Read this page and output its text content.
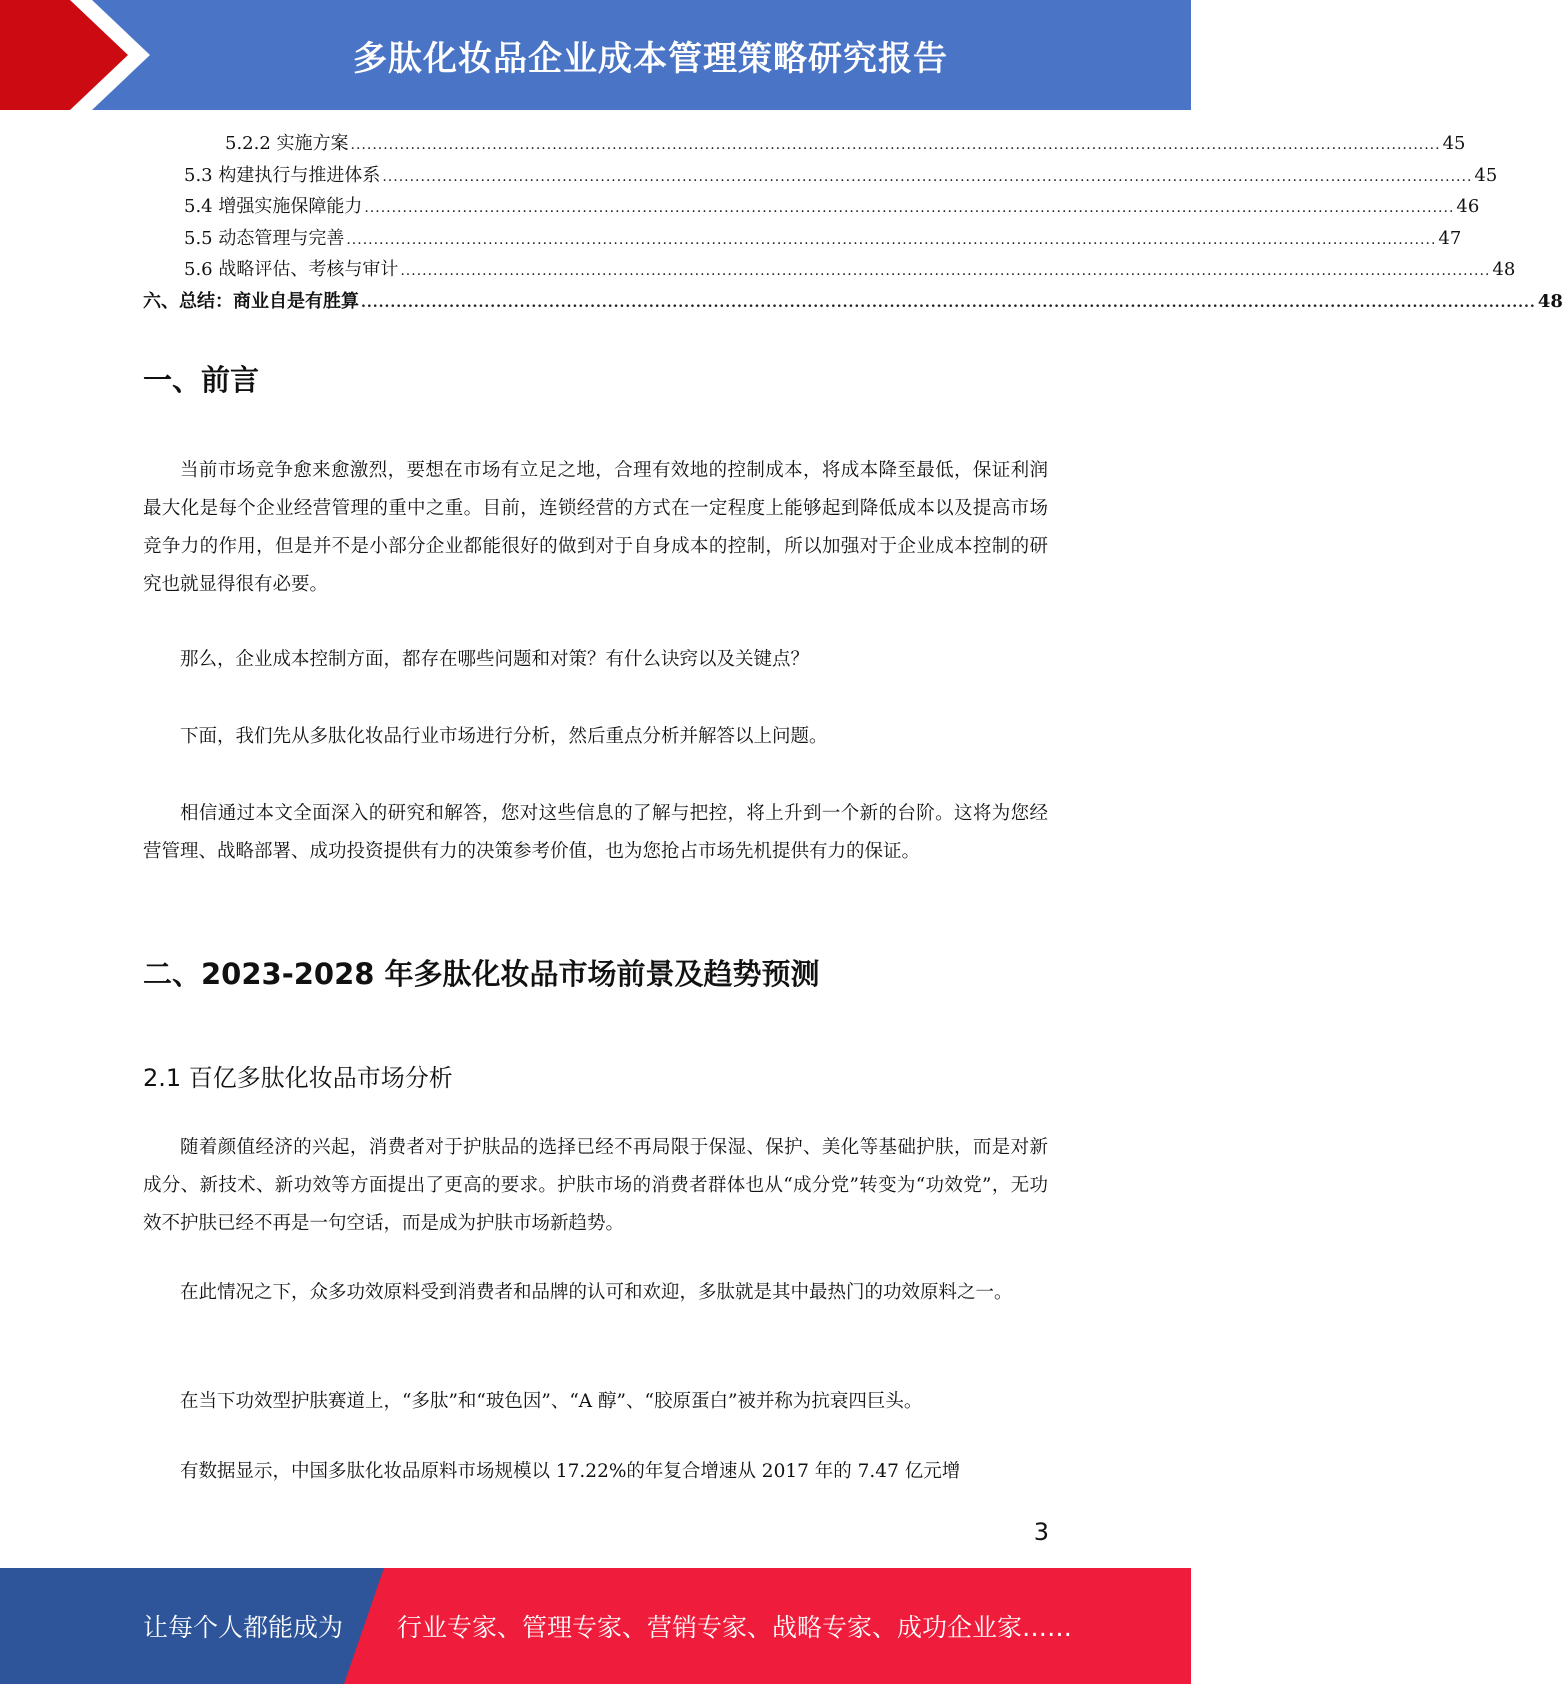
多肽化妆品企业成本管理策略研究报告
5.2.2 实施方案 ........................................................................................................................................................................................................ 45
5.3 构建执行与推进体系 ........................................................................................................................................................................................................ 45
5.4 增强实施保障能力 ........................................................................................................................................................................................................ 46
5.5 动态管理与完善 ........................................................................................................................................................................................................ 47
5.6 战略评估、考核与审计 ........................................................................................................................................................................................................ 48
六、总结：商业自是有胜算 ........................................................................................................................................................................................................ 48
一、前言

当前市场竞争愈来愈激烈，要想在市场有立足之地，合理有效地的控制成本，将成本降至最低，保证利润最大化是每个企业经营管理的重中之重。目前，连锁经营的方式在一定程度上能够起到降低成本以及提高市场竞争力的作用，但是并不是小部分企业都能很好的做到对于自身成本的控制，所以加强对于企业成本控制的研究也就显得很有必要。

那么，企业成本控制方面，都存在哪些问题和对策？有什么诀窍以及关键点？

下面，我们先从多肽化妆品行业市场进行分析，然后重点分析并解答以上问题。

相信通过本文全面深入的研究和解答，您对这些信息的了解与把控，将上升到一个新的台阶。这将为您经营管理、战略部署、成功投资提供有力的决策参考价值，也为您抢占市场先机提供有力的保证。

二、2023-2028 年多肽化妆品市场前景及趋势预测
2.1 百亿多肽化妆品市场分析

随着颜值经济的兴起，消费者对于护肤品的选择已经不再局限于保湿、保护、美化等基础护肤，而是对新成分、新技术、新功效等方面提出了更高的要求。护肤市场的消费者群体也从“成分党”转变为“功效党”，无功效不护肤已经不再是一句空话，而是成为护肤市场新趋势。

在此情况之下，众多功效原料受到消费者和品牌的认可和欢迎，多肽就是其中最热门的功效原料之一。

在当下功效型护肤赛道上，“多肽”和“玻色因”、“A 醇”、“胶原蛋白”被并称为抗衰四巨头。

有数据显示，中国多肽化妆品原料市场规模以 17.22%的年复合增速从 2017 年的 7.47 亿元增

3
让每个人都能成为 行业专家、管理专家、营销专家、战略专家、成功企业家……
